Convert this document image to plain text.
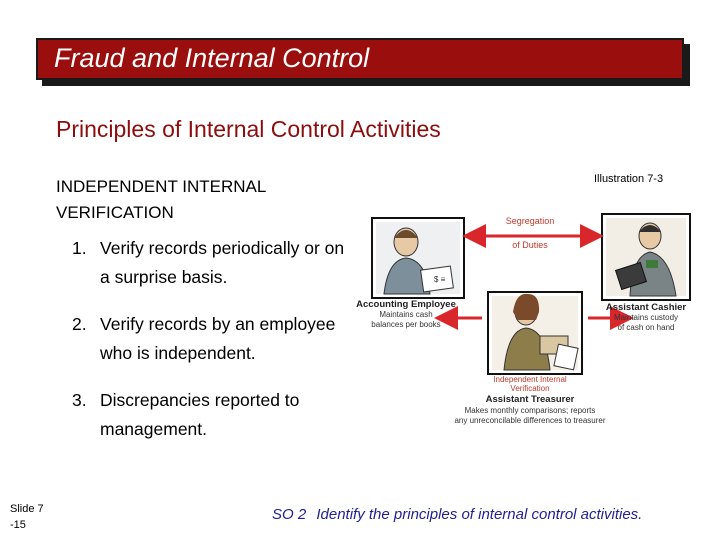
Fraud and Internal Control
Principles of Internal Control Activities
INDEPENDENT INTERNAL VERIFICATION
Illustration 7-3
1. Verify records periodically or on a surprise basis.
2. Verify records by an employee who is independent.
3. Discrepancies reported to management.
$ ≡
Segregation
of Duties
Accounting Employee
Maintains cash
balances per books
Assistant Cashier
Maintains custody
of cash on hand
Independent Internal
Verification
Assistant Treasurer
Makes monthly comparisons; reports
any unreconcilable differences to treasurer
Slide 7
-15
SO 2 Identify the principles of internal control activities.
